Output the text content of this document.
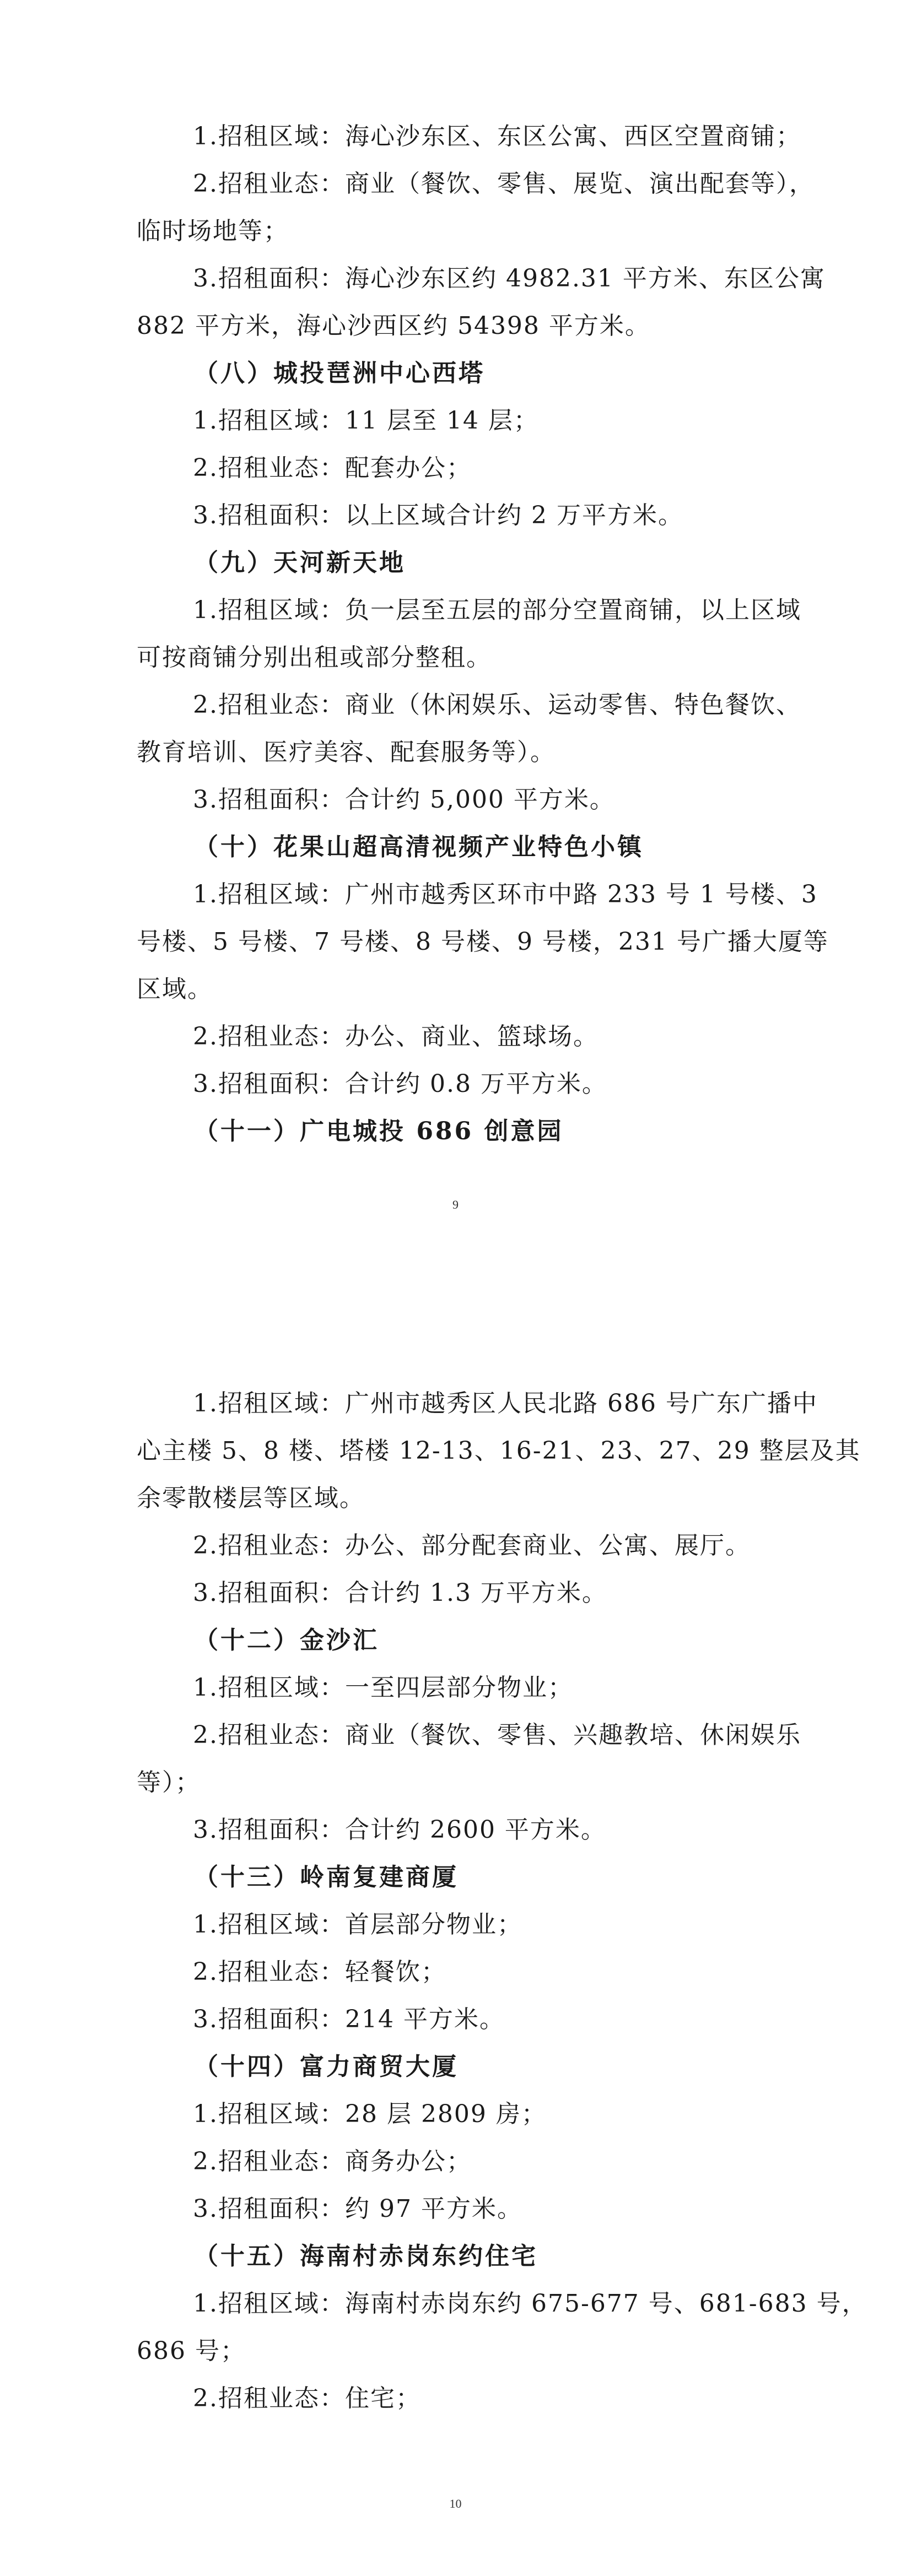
1.招租区域：海心沙东区、东区公寓、西区空置商铺；
2.招租业态：商业（餐饮、零售、展览、演出配套等），
临时场地等；
3.招租面积：海心沙东区约 4982.31 平方米、东区公寓
882 平方米，海心沙西区约 54398 平方米。
（八）城投琶洲中心西塔
1.招租区域：11 层至 14 层；
2.招租业态：配套办公；
3.招租面积：以上区域合计约 2 万平方米。
（九）天河新天地
1.招租区域：负一层至五层的部分空置商铺，以上区域
可按商铺分别出租或部分整租。
2.招租业态：商业（休闲娱乐、运动零售、特色餐饮、
教育培训、医疗美容、配套服务等）。
3.招租面积：合计约 5,000 平方米。
（十）花果山超高清视频产业特色小镇
1.招租区域：广州市越秀区环市中路 233 号 1 号楼、3
号楼、5 号楼、7 号楼、8 号楼、9 号楼，231 号广播大厦等
区域。
2.招租业态：办公、商业、篮球场。
3.招租面积：合计约 0.8 万平方米。
（十一）广电城投 686 创意园
9
1.招租区域：广州市越秀区人民北路 686 号广东广播中
心主楼 5、8 楼、塔楼 12-13、16-21、23、27、29 整层及其
余零散楼层等区域。
2.招租业态：办公、部分配套商业、公寓、展厅。
3.招租面积：合计约 1.3 万平方米。
（十二）金沙汇
1.招租区域：一至四层部分物业；
2.招租业态：商业（餐饮、零售、兴趣教培、休闲娱乐
等）；
3.招租面积：合计约 2600 平方米。
（十三）岭南复建商厦
1.招租区域：首层部分物业；
2.招租业态：轻餐饮；
3.招租面积：214 平方米。
（十四）富力商贸大厦
1.招租区域：28 层 2809 房；
2.招租业态：商务办公；
3.招租面积：约 97 平方米。
（十五）海南村赤岗东约住宅
1.招租区域：海南村赤岗东约 675-677 号、681-683 号，
686 号；
2.招租业态：住宅；
10
